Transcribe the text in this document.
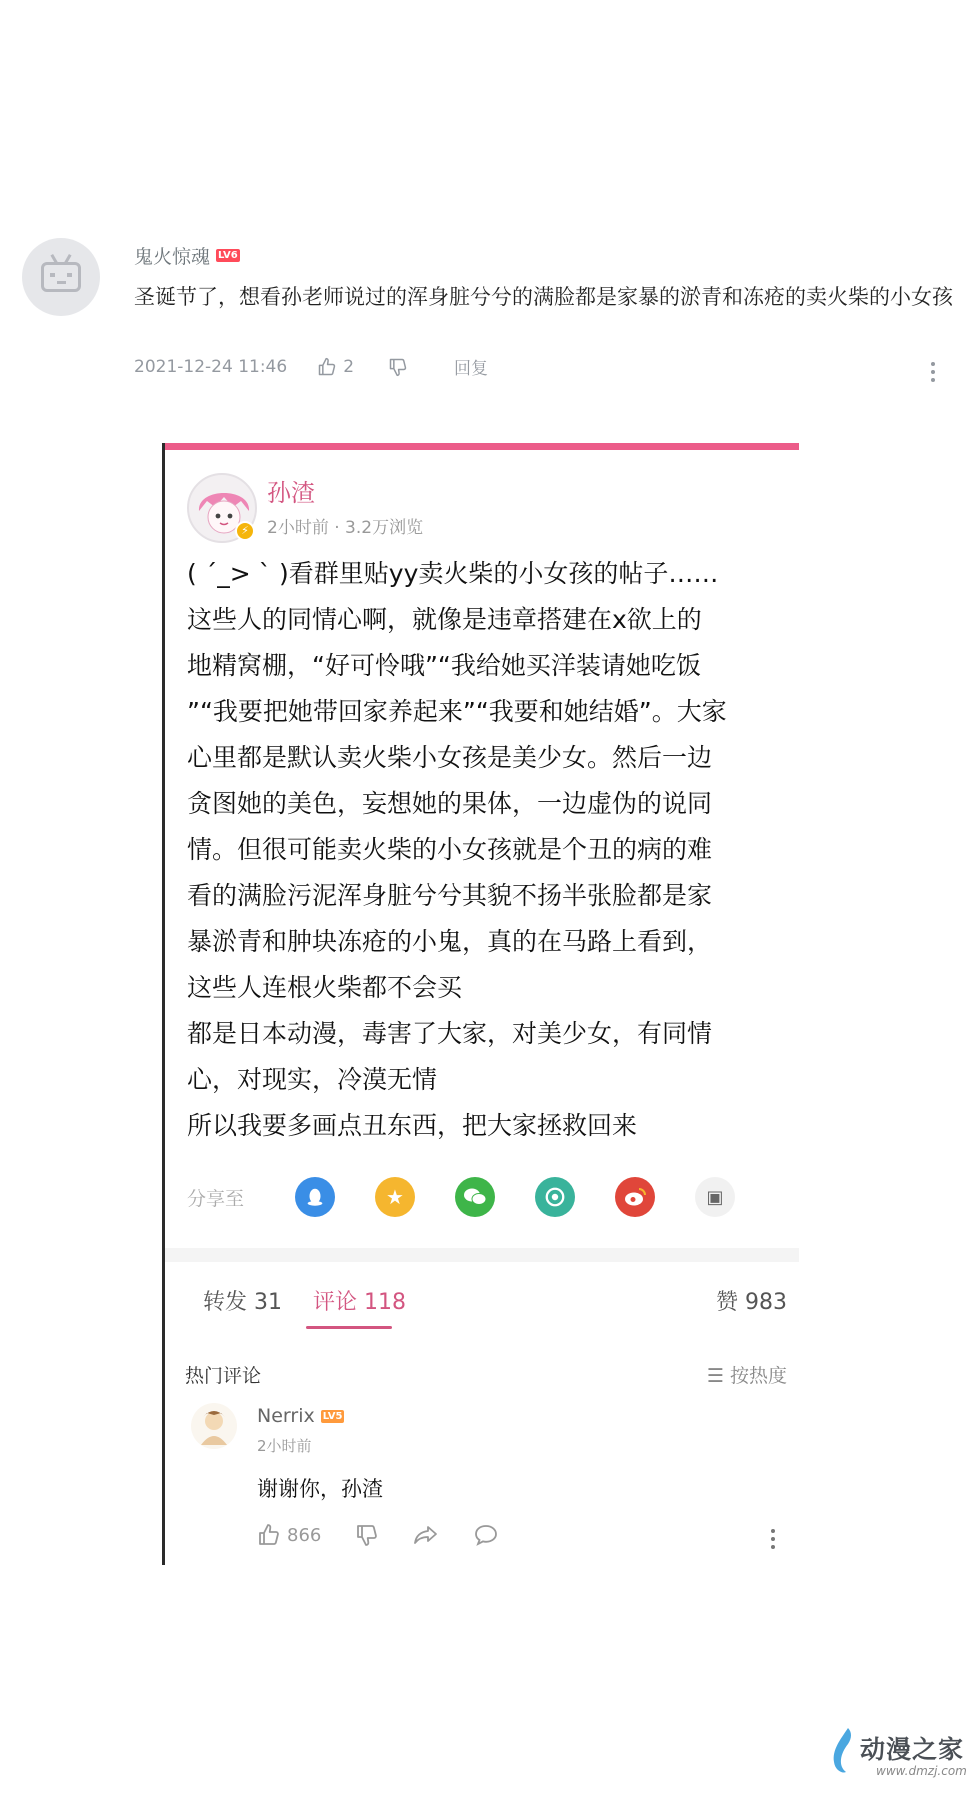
鬼火惊魂 LV6
圣诞节了，想看孙老师说过的浑身脏兮兮的满脸都是家暴的淤青和冻疮的卖火柴的小女孩
2021-12-24 11:46	2	回复
⚡
孙渣
2小时前 · 3.2万浏览
( ´_> ` )看群里贴yy卖火柴的小女孩的帖子……
这些人的同情心啊，就像是违章搭建在x欲上的
地精窝棚，“好可怜哦”“我给她买洋装请她吃饭
”“我要把她带回家养起来”“我要和她结婚”。大家
心里都是默认卖火柴小女孩是美少女。然后一边
贪图她的美色，妄想她的果体，一边虚伪的说同
情。但很可能卖火柴的小女孩就是个丑的病的难
看的满脸污泥浑身脏兮兮其貌不扬半张脸都是家
暴淤青和肿块冻疮的小鬼，真的在马路上看到，
这些人连根火柴都不会买
都是日本动漫，毒害了大家，对美少女，有同情
心，对现实，冷漠无情
所以我要多画点丑东西，把大家拯救回来
分享至	★	▣
转发 31 评论 118	赞 983
热门评论	☰ 按热度
Nerrix LV5
2小时前
谢谢你，孙渣
866
动漫之家
www.dmzj.com
